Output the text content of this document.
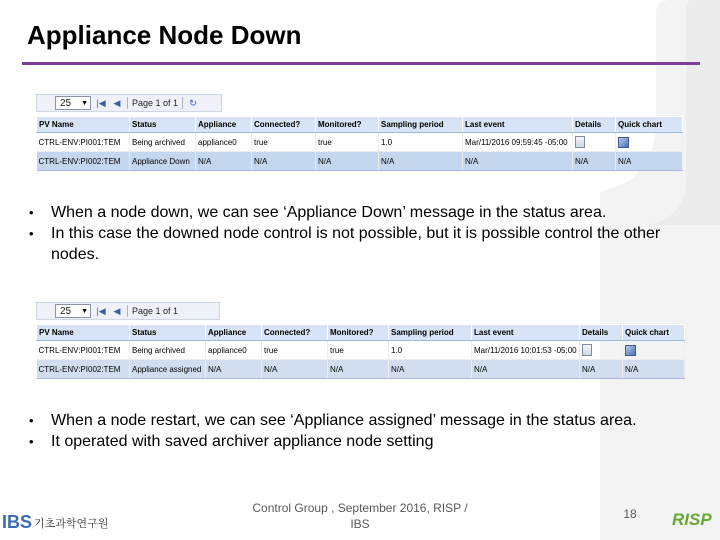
Appliance Node Down
25 ▼ |◀ ◀ Page 1 of 1 ↻
PV Name	Status	Appliance	Connected?	Monitored?	Sampling period	Last event	Details	Quick chart
CTRL-ENV:PI001:TEM	Being archived	appliance0	true	true	1.0	Mar/11/2016 09:59:45 -05:00		
CTRL-ENV:PI002:TEM	Appliance Down	N/A	N/A	N/A	N/A	N/A	N/A	N/A
• When a node down, we can see ‘Appliance Down’ message in the status area.
• In this case the downed node control is not possible, but it is possible control the other nodes.
25 ▼ |◀ ◀ Page 1 of 1
PV Name	Status	Appliance	Connected?	Monitored?	Sampling period	Last event	Details	Quick chart
CTRL-ENV:PI001:TEM	Being archived	appliance0	true	true	1.0	Mar/11/2016 10:01:53 -05:00		
CTRL-ENV:PI002:TEM	Appliance assigned	N/A	N/A	N/A	N/A	N/A	N/A	N/A
• When a node restart, we can see ‘Appliance assigned’ message in the status area.
• It operated with saved archiver appliance node setting
Control Group , September 2016, RISP / IBS
18
IBS 기초과학연구원	RISP
